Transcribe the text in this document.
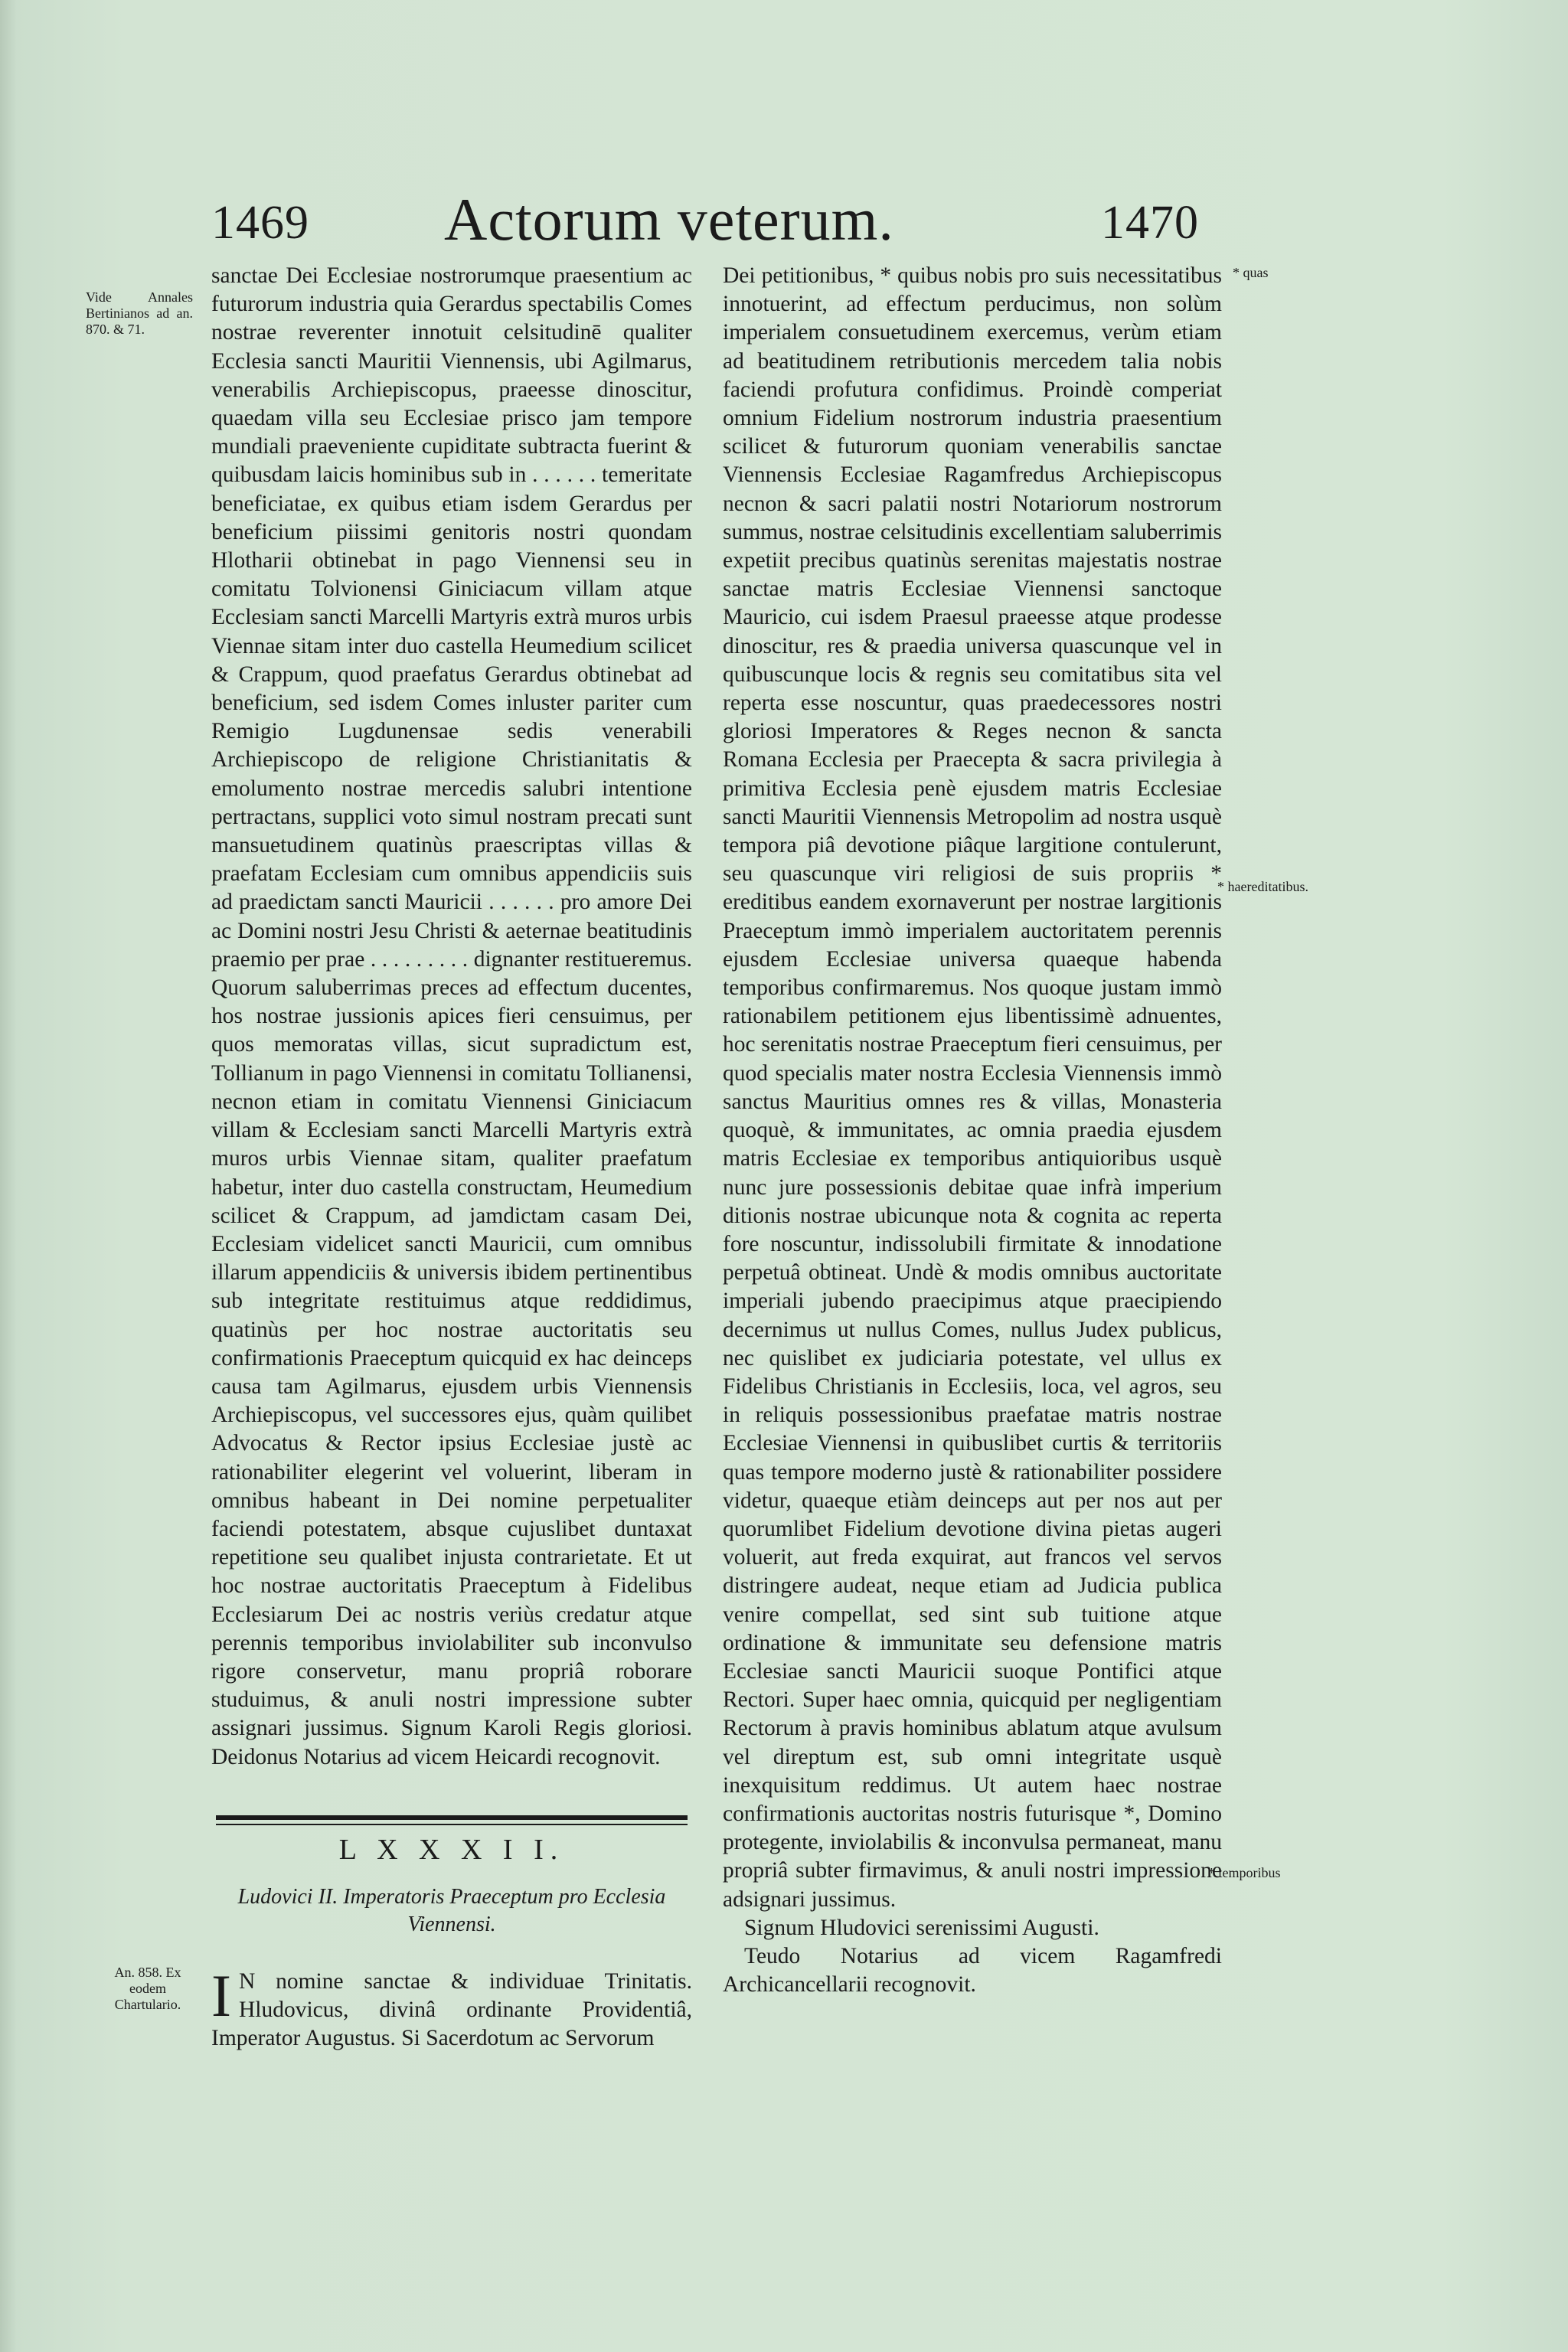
1469 Actorum veterum.	1470
Vide Annales Bertinianos ad an. 870. & 71.
An. 858. Ex eodem Chartulario.
* quas
* haereditatibus.
* temporibus

sanctae Dei Ecclesiae nostrorumque praesentium ac futurorum industria quia Gerardus spectabilis Comes nostrae reverenter innotuit celsitudinē qualiter Ecclesia sancti Mauritii Viennensis, ubi Agilmarus, venerabilis Archiepiscopus, praeesse dinoscitur, quaedam villa seu Ecclesiae prisco jam tempore mundiali praeveniente cupiditate subtracta fuerint & quibusdam laicis hominibus sub in . . . . . . temeritate beneficiatae, ex quibus etiam isdem Gerardus per beneficium piissimi genitoris nostri quondam Hlotharii obtinebat in pago Viennensi seu in comitatu Tolvionensi Giniciacum villam atque Ecclesiam sancti Marcelli Martyris extrà muros urbis Viennae sitam inter duo castella Heumedium scilicet & Crappum, quod praefatus Gerardus obtinebat ad beneficium, sed isdem Comes inluster pariter cum Remigio Lugdunensae sedis venerabili Archiepiscopo de religione Christianitatis & emolumento nostrae mercedis salubri intentione pertractans, supplici voto simul nostram precati sunt mansuetudinem quatinùs praescriptas villas & praefatam Ecclesiam cum omnibus appendiciis suis ad praedictam sancti Mauricii . . . . . . pro amore Dei ac Domini nostri Jesu Christi & aeternae beatitudinis praemio per prae . . . . . . . . . dignanter restitueremus. Quorum saluberrimas preces ad effectum ducentes, hos nostrae jussionis apices fieri censuimus, per quos memoratas villas, sicut supradictum est, Tollianum in pago Viennensi in comitatu Tollianensi, necnon etiam in comitatu Viennensi Giniciacum villam & Ecclesiam sancti Marcelli Martyris extrà muros urbis Viennae sitam, qualiter praefatum habetur, inter duo castella constructam, Heumedium scilicet & Crappum, ad jamdictam casam Dei, Ecclesiam videlicet sancti Mauricii, cum omnibus illarum appendiciis & universis ibidem pertinentibus sub integritate restituimus atque reddidimus, quatinùs per hoc nostrae auctoritatis seu confirmationis Praeceptum quicquid ex hac deinceps causa tam Agilmarus, ejusdem urbis Viennensis Archiepiscopus, vel successores ejus, quàm quilibet Advocatus & Rector ipsius Ecclesiae justè ac rationabiliter elegerint vel voluerint, liberam in omnibus habeant in Dei nomine perpetualiter faciendi potestatem, absque cujuslibet duntaxat repetitione seu qualibet injusta contrarietate. Et ut hoc nostrae auctoritatis Praeceptum à Fidelibus Ecclesiarum Dei ac nostris veriùs credatur atque perennis temporibus inviolabiliter sub inconvulso rigore conservetur, manu propriâ roborare studuimus, & anuli nostri impressione subter assignari jussimus. Signum Karoli Regis gloriosi. Deidonus Notarius ad vicem Heicardi recognovit.

L X X X I I.
Ludovici II. Imperatoris Praeceptum pro Ecclesia Viennensi.
I N nomine sanctae & individuae Trinitatis. Hludovicus, divinâ ordinante Providentiâ, Imperator Augustus. Si Sacerdotum ac Servorum

Dei petitionibus, * quibus nobis pro suis necessitatibus innotuerint, ad effectum perducimus, non solùm imperialem consuetudinem exercemus, verùm etiam ad beatitudinem retributionis mercedem talia nobis faciendi profutura confidimus. Proindè comperiat omnium Fidelium nostrorum industria praesentium scilicet & futurorum quoniam venerabilis sanctae Viennensis Ecclesiae Ragamfredus Archiepiscopus necnon & sacri palatii nostri Notariorum nostrorum summus, nostrae celsitudinis excellentiam saluberrimis expetiit precibus quatinùs serenitas majestatis nostrae sanctae matris Ecclesiae Viennensi sanctoque Mauricio, cui isdem Praesul praeesse atque prodesse dinoscitur, res & praedia universa quascunque vel in quibuscunque locis & regnis seu comitatibus sita vel reperta esse noscuntur, quas praedecessores nostri gloriosi Imperatores & Reges necnon & sancta Romana Ecclesia per Praecepta & sacra privilegia à primitiva Ecclesia penè ejusdem matris Ecclesiae sancti Mauritii Viennensis Metropolim ad nostra usquè tempora piâ devotione piâque largitione contulerunt, seu quascunque viri religiosi de suis propriis * ereditibus eandem exornaverunt per nostrae largitionis Praeceptum immò imperialem auctoritatem perennis ejusdem Ecclesiae universa quaeque habenda temporibus confirmaremus. Nos quoque justam immò rationabilem petitionem ejus libentissimè adnuentes, hoc serenitatis nostrae Praeceptum fieri censuimus, per quod specialis mater nostra Ecclesia Viennensis immò sanctus Mauritius omnes res & villas, Monasteria quoquè, & immunitates, ac omnia praedia ejusdem matris Ecclesiae ex temporibus antiquioribus usquè nunc jure possessionis debitae quae infrà imperium ditionis nostrae ubicunque nota & cognita ac reperta fore noscuntur, indissolubili firmitate & innodatione perpetuâ obtineat. Undè & modis omnibus auctoritate imperiali jubendo praecipimus atque praecipiendo decernimus ut nullus Comes, nullus Judex publicus, nec quislibet ex judiciaria potestate, vel ullus ex Fidelibus Christianis in Ecclesiis, loca, vel agros, seu in reliquis possessionibus praefatae matris nostrae Ecclesiae Viennensi in quibuslibet curtis & territoriis quas tempore moderno justè & rationabiliter possidere videtur, quaeque etiàm deinceps aut per nos aut per quorumlibet Fidelium devotione divina pietas augeri voluerit, aut freda exquirat, aut francos vel servos distringere audeat, neque etiam ad Judicia publica venire compellat, sed sint sub tuitione atque ordinatione & immunitate seu defensione matris Ecclesiae sancti Mauricii suoque Pontifici atque Rectori. Super haec omnia, quicquid per negligentiam Rectorum à pravis hominibus ablatum atque avulsum vel direptum est, sub omni integritate usquè inexquisitum reddimus. Ut autem haec nostrae confirmationis auctoritas nostris futurisque *, Domino protegente, inviolabilis & inconvulsa permaneat, manu propriâ subter firmavimus, & anuli nostri impressione adsignari jussimus.

Signum Hludovici serenissimi Augusti.

Teudo Notarius ad vicem Ragamfredi Archicancellarii recognovit.
